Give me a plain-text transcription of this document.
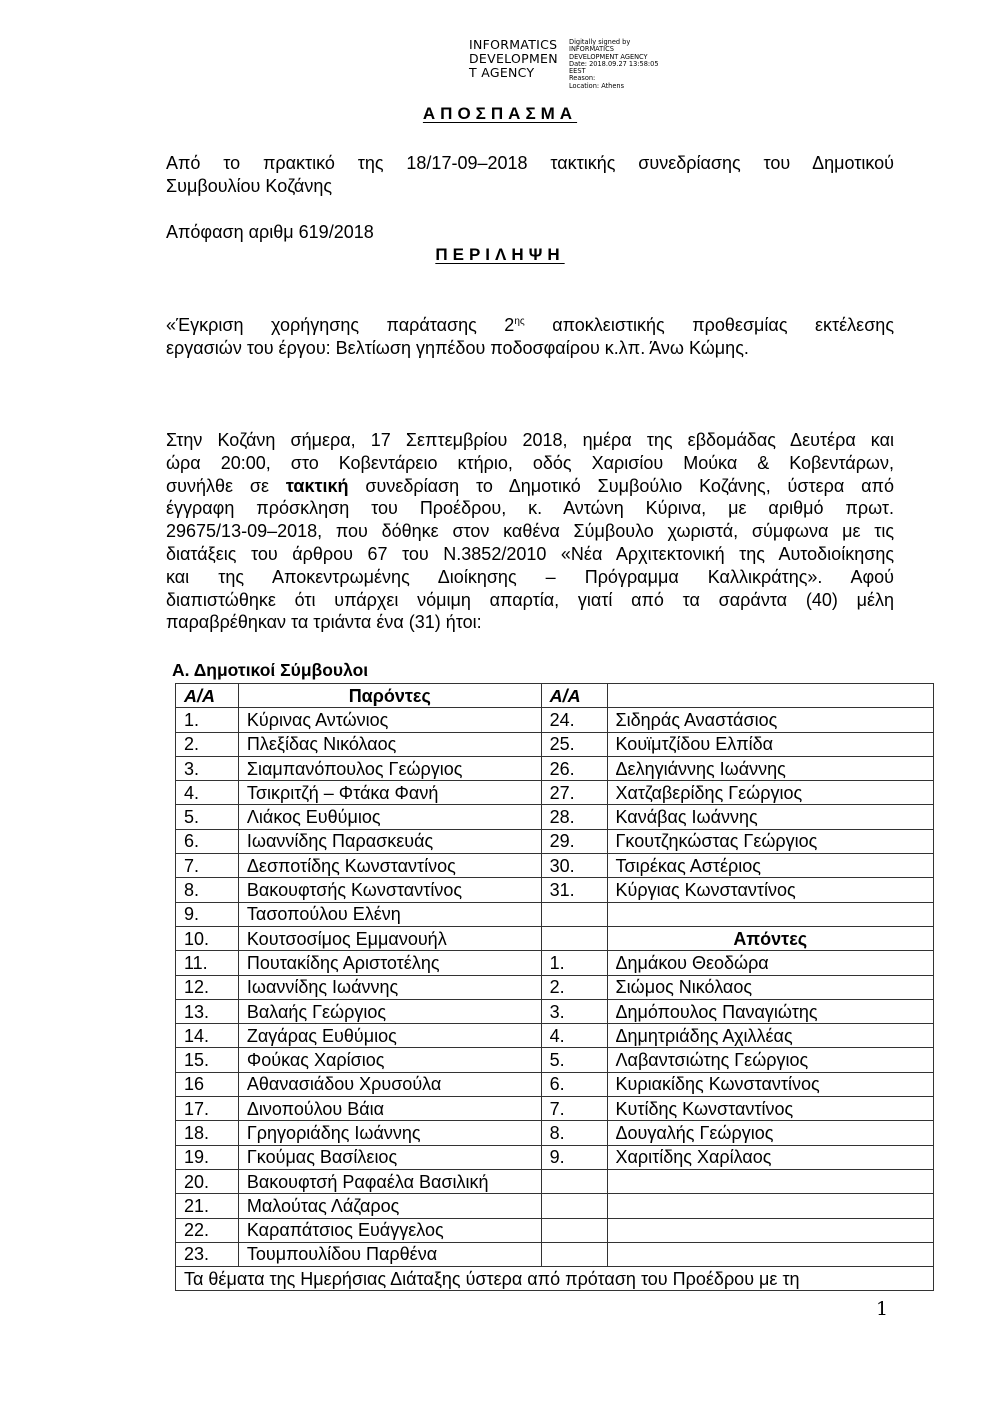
INFORMATICS
DEVELOPMEN
T AGENCY
Digitally signed by
INFORMATICS
DEVELOPMENT AGENCY
Date: 2018.09.27 13:58:05
EEST
Reason:
Location: Athens
ΑΠΟΣΠΑΣΜΑ
Από το πρακτικό της 18/17-09–2018 τακτικής συνεδρίασης του Δημοτικού
Συμβουλίου Κοζάνης
Απόφαση αριθμ 619/2018
ΠΕΡΙΛΗΨΗ
«Έγκριση χορήγησης παράτασης $2^{\eta\varsigma}$ αποκλειστικής προθεσμίας εκτέλεσης
εργασιών του έργου: Βελτίωση γηπέδου ποδοσφαίρου κ.λπ. Άνω Κώμης.
Στην Κοζάνη σήμερα, 17 Σεπτεμβρίου 2018, ημέρα της εβδομάδας Δευτέρα και
ώρα 20:00, στο Κοβεντάρειο κτήριο, οδός Χαρισίου Μούκα & Κοβεντάρων,
συνήλθε σε τακτική συνεδρίαση το Δημοτικό Συμβούλιο Κοζάνης, ύστερα από
έγγραφη πρόσκληση του Προέδρου, κ. Αντώνη Κύρινα, με αριθμό πρωτ.
29675/13-09–2018, που δόθηκε στον καθένα Σύμβουλο χωριστά, σύμφωνα με τις
διατάξεις του άρθρου 67 του Ν.3852/2010 «Νέα Αρχιτεκτονική της Αυτοδιοίκησης
και της Αποκεντρωμένης Διοίκησης – Πρόγραμμα Καλλικράτης». Αφού
διαπιστώθηκε ότι υπάρχει νόμιμη απαρτία, γιατί από τα σαράντα (40) μέλη
παραβρέθηκαν τα τριάντα ένα (31) ήτοι:
Α. Δημοτικοί Σύμβουλοι
Α/Α	Παρόντες	Α/Α	
1.	Κύρινας Αντώνιος	24.	Σιδηράς Αναστάσιος
2.	Πλεξίδας Νικόλαος	25.	Κουϊμτζίδου Ελπίδα
3.	Σιαμπανόπουλος Γεώργιος	26.	Δεληγιάννης Ιωάννης
4.	Τσικριτζή – Φτάκα Φανή	27.	Χατζαβερίδης Γεώργιος
5.	Λιάκος Ευθύμιος	28.	Κανάβας Ιωάννης
6.	Ιωαννίδης Παρασκευάς	29.	Γκουτζηκώστας Γεώργιος
7.	Δεσποτίδης Κωνσταντίνος	30.	Τσιρέκας Αστέριος
8.	Βακουφτσής Κωνσταντίνος	31.	Κύργιας Κωνσταντίνος
9.	Τασοπούλου Ελένη		
10.	Κουτσοσίμος Εμμανουήλ		Απόντες
11.	Πουτακίδης Αριστοτέλης	1.	Δημάκου Θεοδώρα
12.	Ιωαννίδης Ιωάννης	2.	Σιώμος Νικόλαος
13.	Βαλαής Γεώργιος	3.	Δημόπουλος Παναγιώτης
14.	Ζαγάρας Ευθύμιος	4.	Δημητριάδης Αχιλλέας
15.	Φούκας Χαρίσιος	5.	Λαβαντσιώτης Γεώργιος
16	Αθανασιάδου Χρυσούλα	6.	Κυριακίδης Κωνσταντίνος
17.	Δινοπούλου Βάια	7.	Κυτίδης Κωνσταντίνος
18.	Γρηγοριάδης Ιωάννης	8.	Δουγαλής Γεώργιος
19.	Γκούμας Βασίλειος	9.	Χαριτίδης Χαρίλαος
20.	Βακουφτσή Ραφαέλα Βασιλική		
21.	Μαλούτας Λάζαρος		
22.	Καραπάτσιος Ευάγγελος		
23.	Τουμπουλίδου Παρθένα		
Τα θέματα της Ημερήσιας Διάταξης ύστερα από πρόταση του Προέδρου με τη			
1
